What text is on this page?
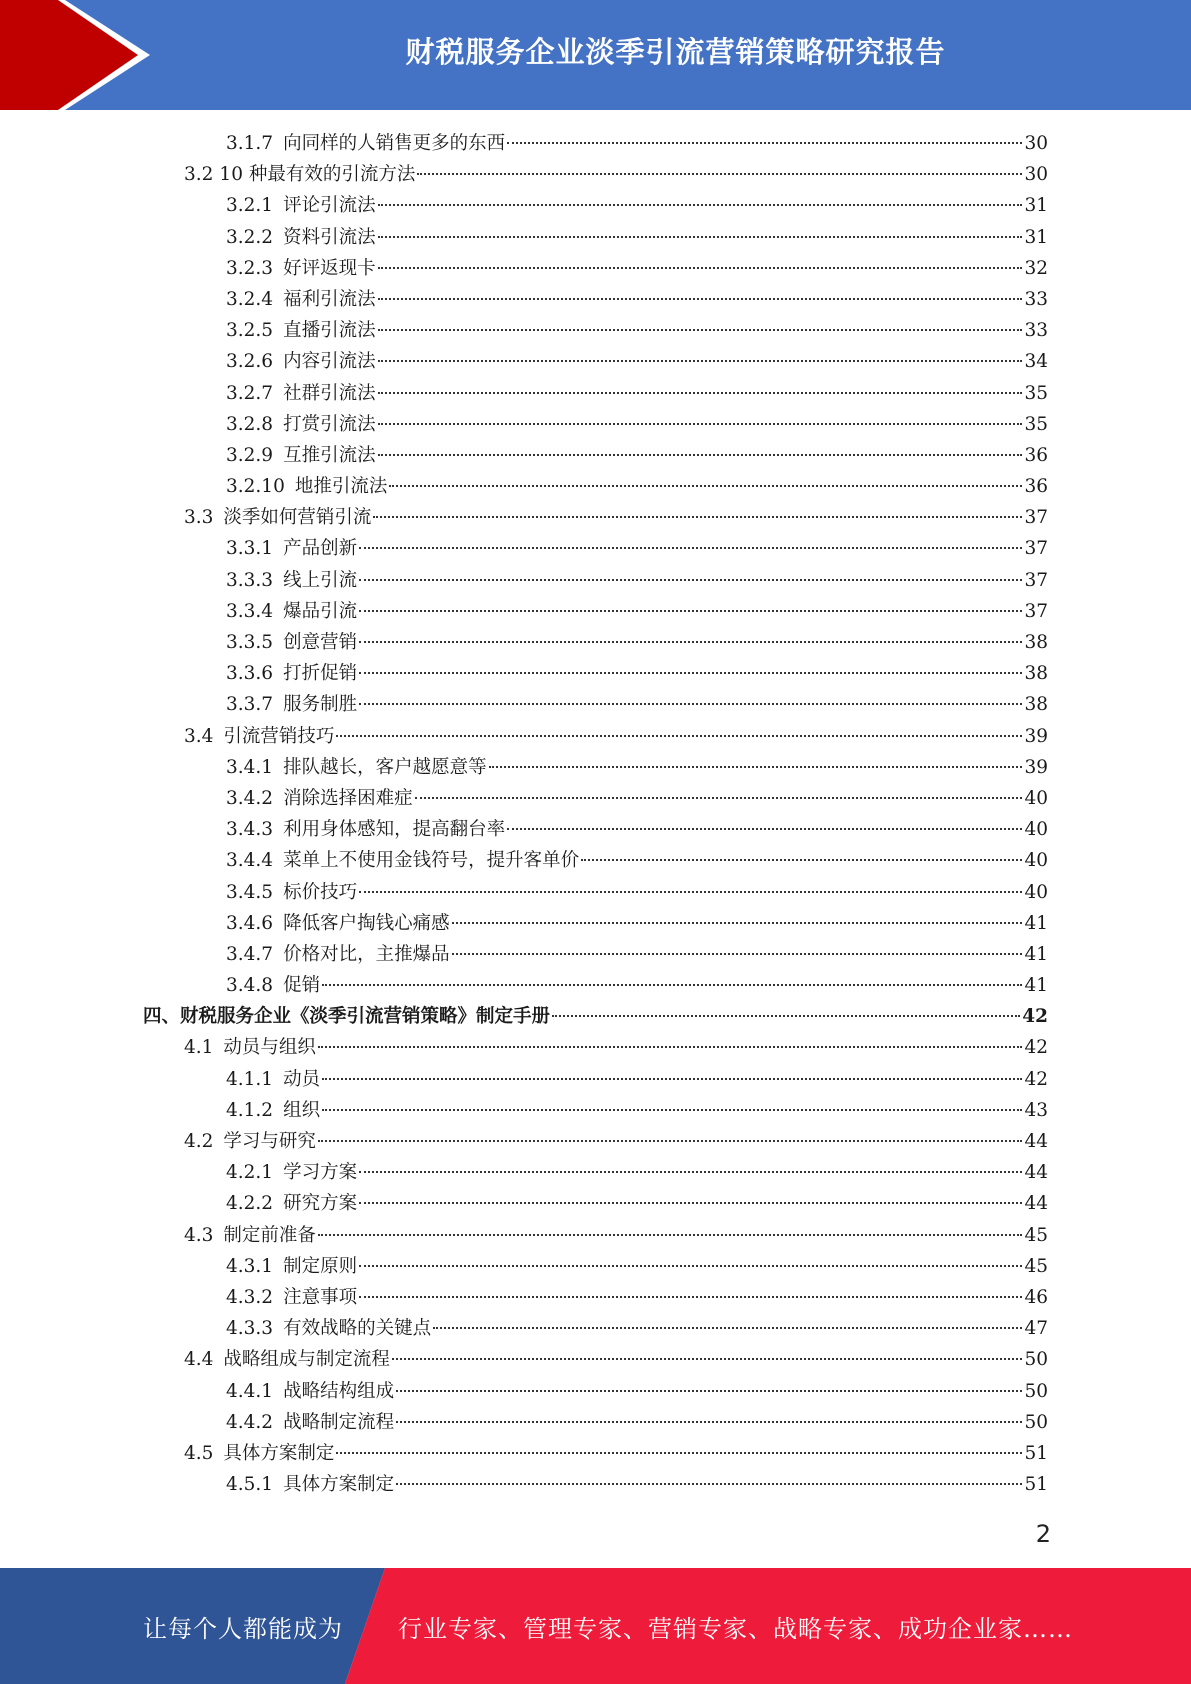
财税服务企业淡季引流营销策略研究报告
3.1.7 向同样的人销售更多的东西	30
3.2 10 种最有效的引流方法	30
3.2.1 评论引流法	31
3.2.2 资料引流法	31
3.2.3 好评返现卡	32
3.2.4 福利引流法	33
3.2.5 直播引流法	33
3.2.6 内容引流法	34
3.2.7 社群引流法	35
3.2.8 打赏引流法	35
3.2.9 互推引流法	36
3.2.10 地推引流法	36
3.3 淡季如何营销引流	37
3.3.1 产品创新	37
3.3.3 线上引流	37
3.3.4 爆品引流	37
3.3.5 创意营销	38
3.3.6 打折促销	38
3.3.7 服务制胜	38
3.4 引流营销技巧	39
3.4.1 排队越长，客户越愿意等	39
3.4.2 消除选择困难症	40
3.4.3 利用身体感知，提高翻台率	40
3.4.4 菜单上不使用金钱符号，提升客单价	40
3.4.5 标价技巧	40
3.4.6 降低客户掏钱心痛感	41
3.4.7 价格对比，主推爆品	41
3.4.8 促销	41
四、 财税服务企业《淡季引流营销策略》制定手册	42
4.1 动员与组织	42
4.1.1 动员	42
4.1.2 组织	43
4.2 学习与研究	44
4.2.1 学习方案	44
4.2.2 研究方案	44
4.3 制定前准备	45
4.3.1 制定原则	45
4.3.2 注意事项	46
4.3.3 有效战略的关键点	47
4.4 战略组成与制定流程	50
4.4.1 战略结构组成	50
4.4.2 战略制定流程	50
4.5 具体方案制定	51
4.5.1 具体方案制定	51
2
让每个人都能成为 行业专家、管理专家、营销专家、战略专家、成功企业家……
